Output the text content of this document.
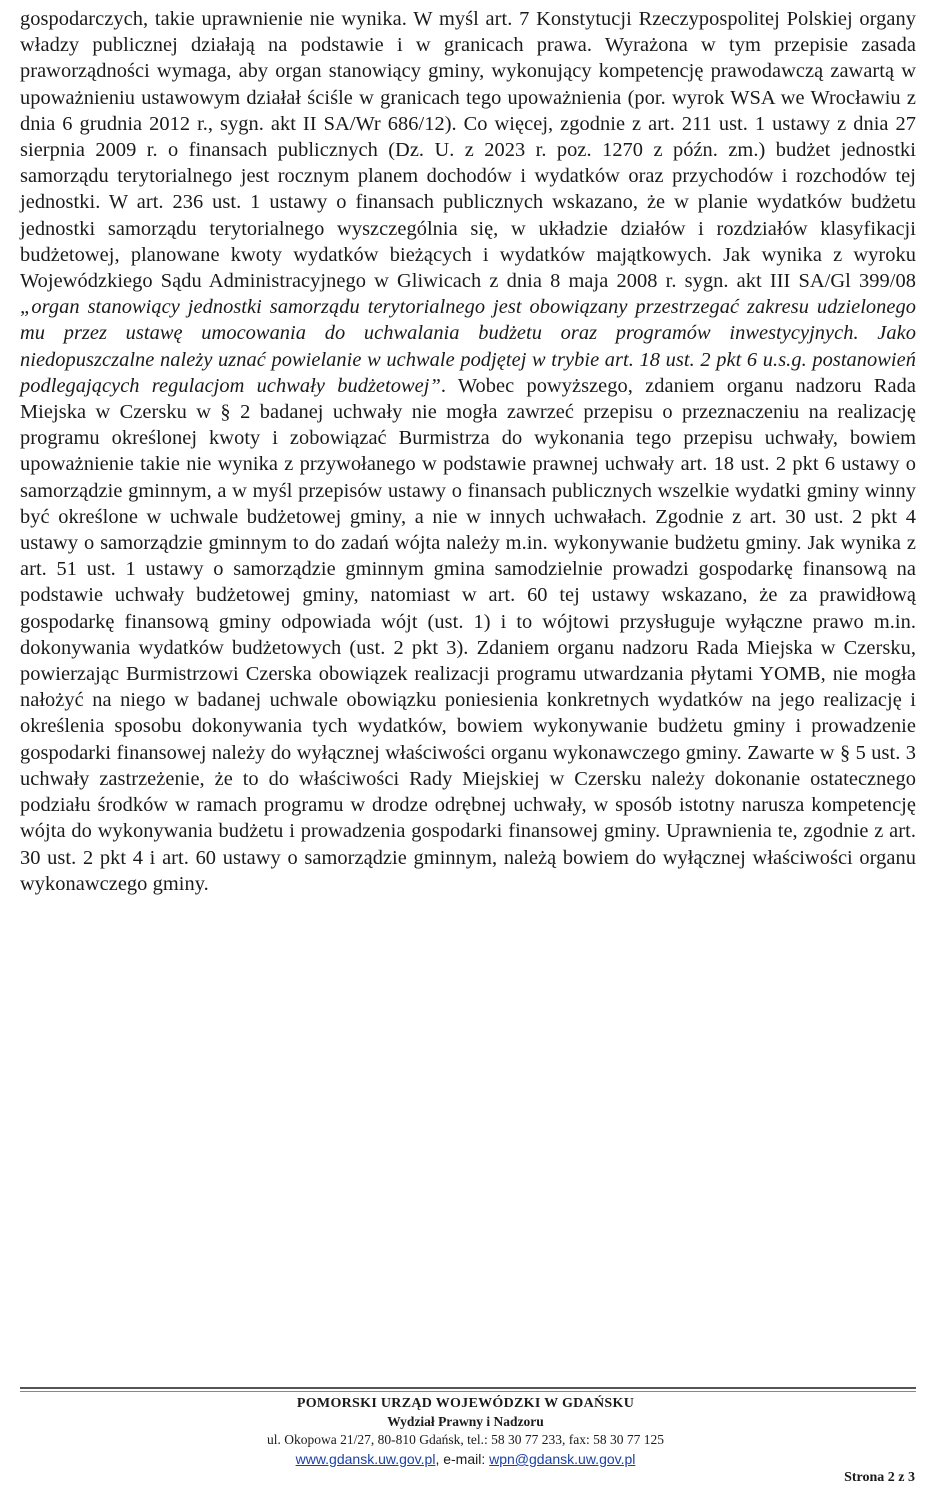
gospodarczych, takie uprawnienie nie wynika. W myśl art. 7 Konstytucji Rzeczypospolitej Polskiej organy władzy publicznej działają na podstawie i w granicach prawa. Wyrażona w tym przepisie zasada praworządności wymaga, aby organ stanowiący gminy, wykonujący kompetencję prawodawczą zawartą w upoważnieniu ustawowym działał ściśle w granicach tego upoważnienia (por. wyrok WSA we Wrocławiu z dnia 6 grudnia 2012 r., sygn. akt II SA/Wr 686/12). Co więcej, zgodnie z art. 211 ust. 1 ustawy z dnia 27 sierpnia 2009 r. o finansach publicznych (Dz. U. z 2023 r. poz. 1270 z późn. zm.) budżet jednostki samorządu terytorialnego jest rocznym planem dochodów i wydatków oraz przychodów i rozchodów tej jednostki. W art. 236 ust. 1 ustawy o finansach publicznych wskazano, że w planie wydatków budżetu jednostki samorządu terytorialnego wyszczególnia się, w układzie działów i rozdziałów klasyfikacji budżetowej, planowane kwoty wydatków bieżących i wydatków majątkowych. Jak wynika z wyroku Wojewódzkiego Sądu Administracyjnego w Gliwicach z dnia 8 maja 2008 r. sygn. akt III SA/Gl 399/08 „organ stanowiący jednostki samorządu terytorialnego jest obowiązany przestrzegać zakresu udzielonego mu przez ustawę umocowania do uchwalania budżetu oraz programów inwestycyjnych. Jako niedopuszczalne należy uznać powielanie w uchwale podjętej w trybie art. 18 ust. 2 pkt 6 u.s.g. postanowień podlegających regulacjom uchwały budżetowej”. Wobec powyższego, zdaniem organu nadzoru Rada Miejska w Czersku w § 2 badanej uchwały nie mogła zawrzeć przepisu o przeznaczeniu na realizację programu określonej kwoty i zobowiązać Burmistrza do wykonania tego przepisu uchwały, bowiem upoważnienie takie nie wynika z przywołanego w podstawie prawnej uchwały art. 18 ust. 2 pkt 6 ustawy o samorządzie gminnym, a w myśl przepisów ustawy o finansach publicznych wszelkie wydatki gminy winny być określone w uchwale budżetowej gminy, a nie w innych uchwałach. Zgodnie z art. 30 ust. 2 pkt 4 ustawy o samorządzie gminnym to do zadań wójta należy m.in. wykonywanie budżetu gminy. Jak wynika z art. 51 ust. 1 ustawy o samorządzie gminnym gmina samodzielnie prowadzi gospodarkę finansową na podstawie uchwały budżetowej gminy, natomiast w art. 60 tej ustawy wskazano, że za prawidłową gospodarkę finansową gminy odpowiada wójt (ust. 1) i to wójtowi przysługuje wyłączne prawo m.in. dokonywania wydatków budżetowych (ust. 2 pkt 3). Zdaniem organu nadzoru Rada Miejska w Czersku, powierzając Burmistrzowi Czerska obowiązek realizacji programu utwardzania płytami YOMB, nie mogła nałożyć na niego w badanej uchwale obowiązku poniesienia konkretnych wydatków na jego realizację i określenia sposobu dokonywania tych wydatków, bowiem wykonywanie budżetu gminy i prowadzenie gospodarki finansowej należy do wyłącznej właściwości organu wykonawczego gminy. Zawarte w § 5 ust. 3 uchwały zastrzeżenie, że to do właściwości Rady Miejskiej w Czersku należy dokonanie ostatecznego podziału środków w ramach programu w drodze odrębnej uchwały, w sposób istotny narusza kompetencję wójta do wykonywania budżetu i prowadzenia gospodarki finansowej gminy. Uprawnienia te, zgodnie z art. 30 ust. 2 pkt 4 i art. 60 ustawy o samorządzie gminnym, należą bowiem do wyłącznej właściwości organu wykonawczego gminy.

POMORSKI URZĄD WOJEWÓDZKI W GDAŃSKU
Wydział Prawny i Nadzoru
ul. Okopowa 21/27, 80-810 Gdańsk, tel.: 58 30 77 233, fax: 58 30 77 125
www.gdansk.uw.gov.pl, e-mail: wpn@gdansk.uw.gov.pl
Strona 2 z 3
